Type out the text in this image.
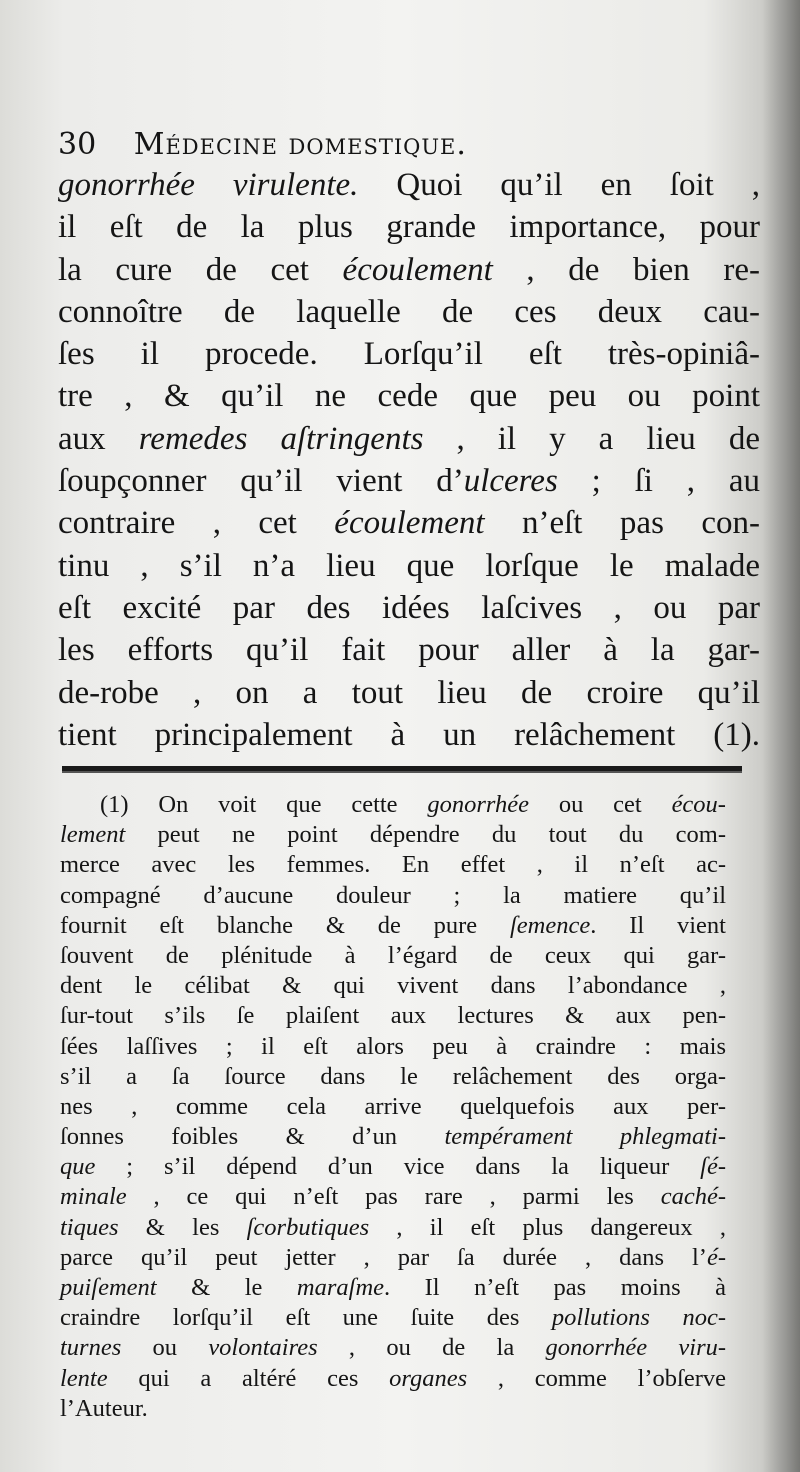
30 Médecine domestique.
gonorrhée virulente. Quoi qu’il en ſoit ,
il eſt de la plus grande importance, pour
la cure de cet écoulement , de bien re-
connoître de laquelle de ces deux cau-
ſes il procede. Lorſqu’il eſt très-opiniâ-
tre , & qu’il ne cede que peu ou point
aux remedes aſtringents , il y a lieu de
ſoupçonner qu’il vient d’ulceres ; ſi , au
contraire , cet écoulement n’eſt pas con-
tinu , s’il n’a lieu que lorſque le malade
eſt excité par des idées laſcives , ou par
les efforts qu’il fait pour aller à la gar-
de-robe , on a tout lieu de croire qu’il
tient principalement à un relâchement (1).
(1) On voit que cette gonorrhée ou cet écou-
lement peut ne point dépendre du tout du com-
merce avec les femmes. En effet , il n’eſt ac-
compagné d’aucune douleur ; la matiere qu’il
fournit eſt blanche & de pure ſemence. Il vient
ſouvent de plénitude à l’égard de ceux qui gar-
dent le célibat & qui vivent dans l’abondance ,
ſur-tout s’ils ſe plaiſent aux lectures & aux pen-
ſées laſſives ; il eſt alors peu à craindre : mais
s’il a ſa ſource dans le relâchement des orga-
nes , comme cela arrive quelquefois aux per-
ſonnes foibles & d’un tempérament phlegmati-
que ; s’il dépend d’un vice dans la liqueur ſé-
minale , ce qui n’eſt pas rare , parmi les caché-
tiques & les ſcorbutiques , il eſt plus dangereux ,
parce qu’il peut jetter , par ſa durée , dans l’é-
puiſement & le maraſme. Il n’eſt pas moins à
craindre lorſqu’il eſt une ſuite des pollutions noc-
turnes ou volontaires , ou de la gonorrhée viru-
lente qui a altéré ces organes , comme l’obſerve
l’Auteur.
